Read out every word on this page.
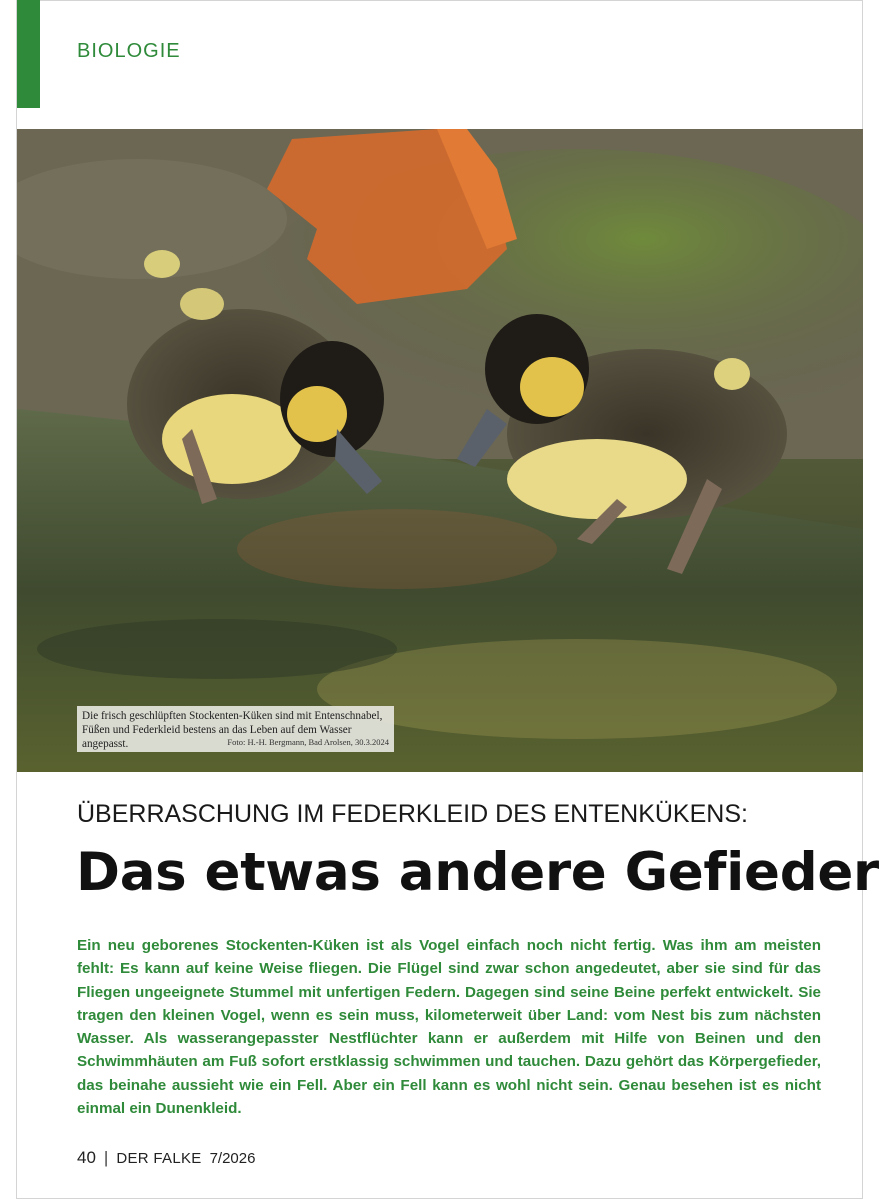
BIOLOGIE
Die frisch geschlüpften Stockenten-Küken sind mit Entenschnabel, Füßen und Federkleid bestens an das Leben auf dem Wasser angepasst.	Foto: H.-H. Bergmann, Bad Arolsen, 30.3.2024
ÜBERRASCHUNG IM FEDERKLEID DES ENTENKÜKENS:
Das etwas andere Gefieder
Ein neu geborenes Stockenten-Küken ist als Vogel einfach noch nicht fertig. Was ihm am meisten fehlt: Es kann auf keine Weise fliegen. Die Flügel sind zwar schon angedeutet, aber sie sind für das Fliegen ungeeignete Stummel mit unfertigen Federn. Dagegen sind seine Beine perfekt entwickelt. Sie tragen den kleinen Vogel, wenn es sein muss, kilometerweit über Land: vom Nest bis zum nächsten Wasser. Als wasserangepasster Nestflüchter kann er außerdem mit Hilfe von Beinen und den Schwimmhäuten am Fuß sofort erstklassig schwimmen und tauchen. Dazu gehört das Körpergefieder, das beinahe aussieht wie ein Fell. Aber ein Fell kann es wohl nicht sein. Genau besehen ist es nicht einmal ein Dunenkleid.
40 | DER FALKE 7/2026
